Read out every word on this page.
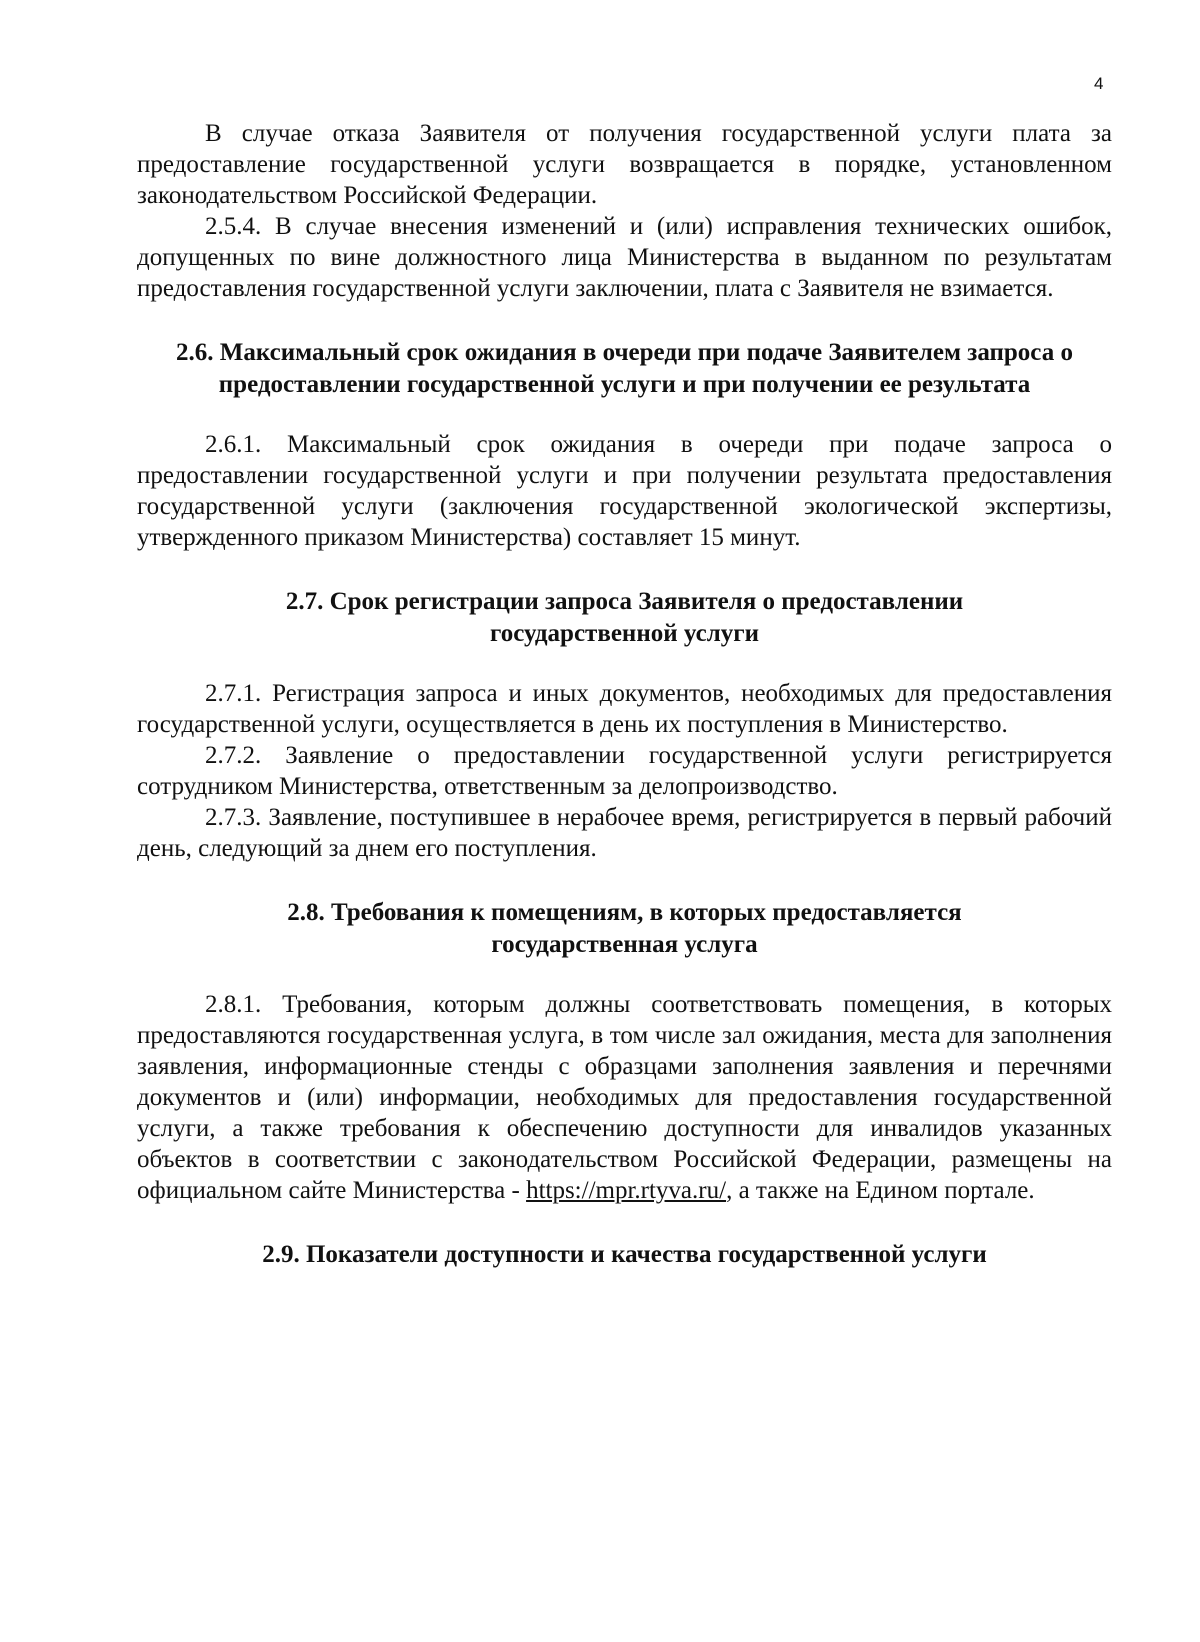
4

В случае отказа Заявителя от получения государственной услуги плата за предоставление государственной услуги возвращается в порядке, установленном законодательством Российской Федерации.

2.5.4. В случае внесения изменений и (или) исправления технических ошибок, допущенных по вине должностного лица Министерства в выданном по результатам предоставления государственной услуги заключении, плата с Заявителя не взимается.

2.6. Максимальный срок ожидания в очереди при подаче Заявителем запроса о предоставлении государственной услуги и при получении ее результата

2.6.1. Максимальный срок ожидания в очереди при подаче запроса о предоставлении государственной услуги и при получении результата предоставления государственной услуги (заключения государственной экологической экспертизы, утвержденного приказом Министерства) составляет 15 минут.

2.7. Срок регистрации запроса Заявителя о предоставлении государственной услуги

2.7.1. Регистрация запроса и иных документов, необходимых для предоставления государственной услуги, осуществляется в день их поступления в Министерство.

2.7.2. Заявление о предоставлении государственной услуги регистрируется сотрудником Министерства, ответственным за делопроизводство.

2.7.3. Заявление, поступившее в нерабочее время, регистрируется в первый рабочий день, следующий за днем его поступления.

2.8. Требования к помещениям, в которых предоставляется государственная услуга

2.8.1. Требования, которым должны соответствовать помещения, в которых предоставляются государственная услуга, в том числе зал ожидания, места для заполнения заявления, информационные стенды с образцами заполнения заявления и перечнями документов и (или) информации, необходимых для предоставления государственной услуги, а также требования к обеспечению доступности для инвалидов указанных объектов в соответствии с законодательством Российской Федерации, размещены на официальном сайте Министерства - https://mpr.rtyva.ru/, а также на Едином портале.

2.9. Показатели доступности и качества государственной услуги
